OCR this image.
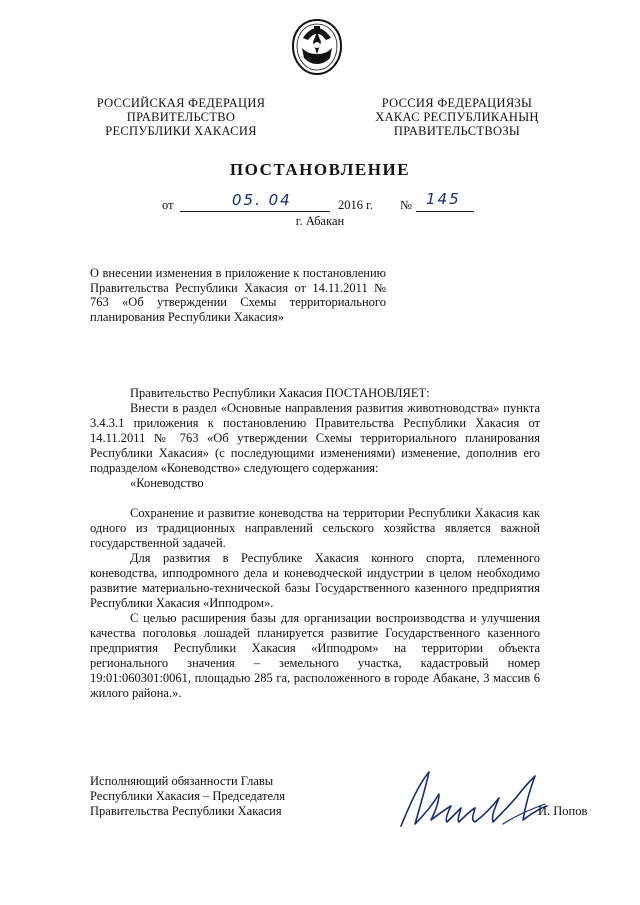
РОССИЙСКАЯ ФЕДЕРАЦИЯ
ПРАВИТЕЛЬСТВО
РЕСПУБЛИКИ ХАКАСИЯ
РОССИЯ ФЕДЕРАЦИЯЗЫ
ХАКАС РЕСПУБЛИКАНЫҢ
ПРАВИТЕЛЬСТВОЗЫ
ПОСТАНОВЛЕНИЕ
от	05. 04	2016 г. № 145
г. Абакан
О внесении изменения в приложение к постановлению Правительства Республики Хакасия от 14.11.2011 № 763 «Об утверждении Схемы территориального планирования Республики Хакасия»

Правительство Республики Хакасия ПОСТАНОВЛЯЕТ:

Внести в раздел «Основные направления развития животноводства» пункта 3.4.3.1 приложения к постановлению Правительства Республики Хакасия от 14.11.2011 № 763 «Об утверждении Схемы территориального планирования Республики Хакасия» (с последующими изменениями) изменение, дополнив его подразделом «Коневодство» следующего содержания:

«Коневодство

Сохранение и развитие коневодства на территории Республики Хакасия как одного из традиционных направлений сельского хозяйства является важной государственной задачей.

Для развития в Республике Хакасия конного спорта, племенного коневодства, ипподромного дела и коневодческой индустрии в целом необходимо развитие материально-технической базы Государственного казенного предприятия Республики Хакасия «Ипподром».

С целью расширения базы для организации воспроизводства и улучшения качества поголовья лошадей планируется развитие Государственного казенного предприятия Республики Хакасия «Ипподром» на территории объекта регионального значения – земельного участка, кадастровый номер 19:01:060301:0061, площадью 285 га, расположенного в городе Абакане, 3 массив 6 жилого района.».

Исполняющий обязанности Главы
Республики Хакасия – Председателя
Правительства Республики Хакасия	И. Попов
